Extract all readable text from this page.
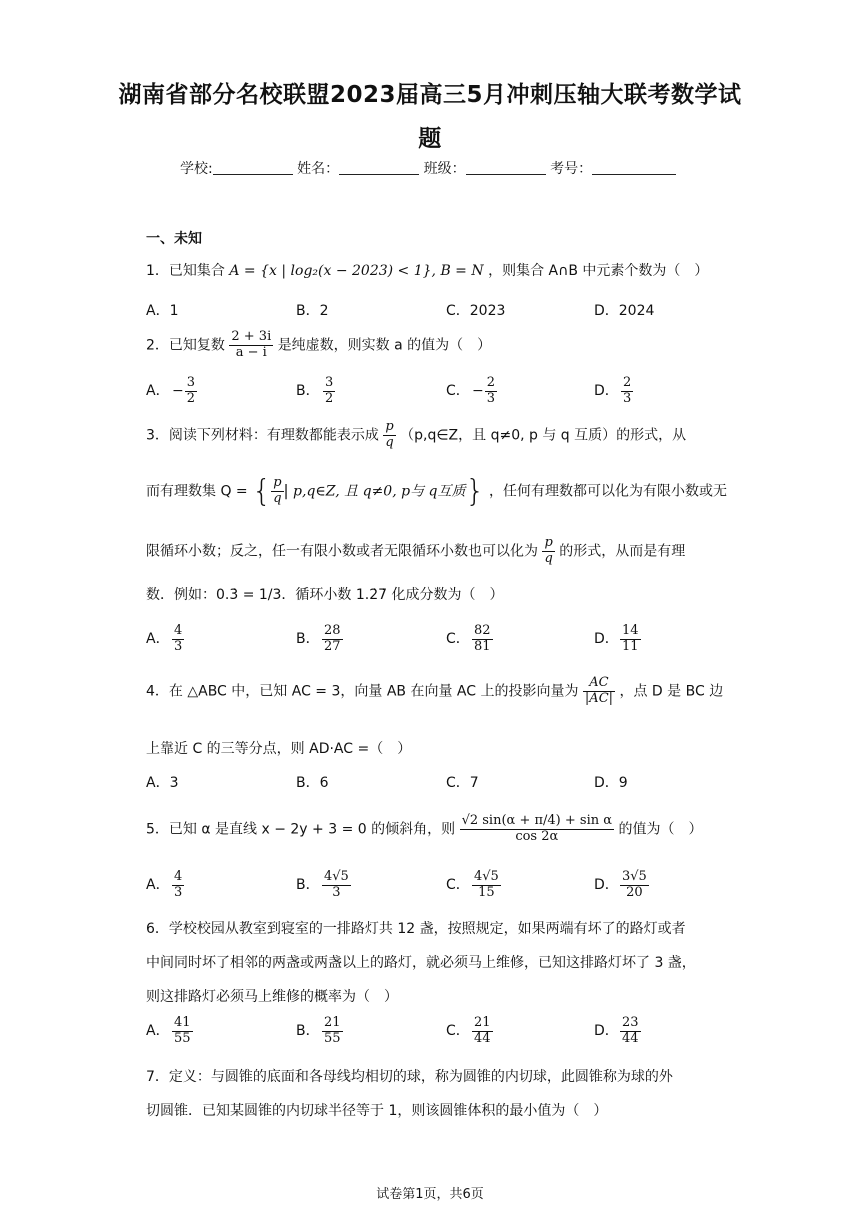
湖南省部分名校联盟2023届高三5月冲刺压轴大联考数学试
题
学校:	姓名：	班级：	考号：
一、未知
1．已知集合 A = {x | log₂(x − 2023) < 1}, B = N ，则集合 A∩B 中元素个数为（　）
A．1	B．2	C．2023	D．2024
2．已知复数 $\frac{2 + 3i}{a - i}$ 是纯虚数，则实数 a 的值为（　）
A． − $\frac{3}{2}$	B． $\frac{3}{2}$	C． − $\frac{2}{3}$	D． $\frac{2}{3}$
3．阅读下列材料：有理数都能表示成 $\frac{p}{q}$ （p,q∈Z，且 q≠0, p 与 q 互质）的形式，从
而有理数集 Q = { $\frac{p}{q}$ | p,q∈Z, 且 q≠0, p与 q互质} ，任何有理数都可以化为有限小数或无
限循环小数；反之，任一有限小数或者无限循环小数也可以化为 $\frac{p}{q}$ 的形式，从而是有理
数．例如：0.3̇ = 1/3．循环小数 1.2̇7̇ 化成分数为（　）
A． $\frac{4}{3}$	B． $\frac{28}{27}$	C． $\frac{82}{81}$	D． $\frac{14}{11}$
4．在 △ABC 中，已知 AC = 3，向量 AB 在向量 AC 上的投影向量为 $\frac{AC}{|AC|}$ ，点 D 是 BC 边
上靠近 C 的三等分点，则 AD·AC =（　）
A．3	B．6	C．7	D．9
5．已知 α 是直线 x − 2y + 3 = 0 的倾斜角，则 $\frac{\text{√2 sin(α + π/4) + sin α}}{\cos 2\alpha}$ 的值为（　）
A． $\frac{4}{3}$	B． $\frac{4√5}{3}$	C． $\frac{4√5}{15}$	D． $\frac{3√5}{20}$
6．学校校园从教室到寝室的一排路灯共 12 盏，按照规定，如果两端有坏了的路灯或者
中间同时坏了相邻的两盏或两盏以上的路灯，就必须马上维修，已知这排路灯坏了 3 盏，
则这排路灯必须马上维修的概率为（　）
A． $\frac{41}{55}$	B． $\frac{21}{55}$	C． $\frac{21}{44}$	D． $\frac{23}{44}$
7．定义：与圆锥的底面和各母线均相切的球，称为圆锥的内切球，此圆锥称为球的外
切圆锥．已知某圆锥的内切球半径等于 1，则该圆锥体积的最小值为（　）
试卷第1页，共6页
